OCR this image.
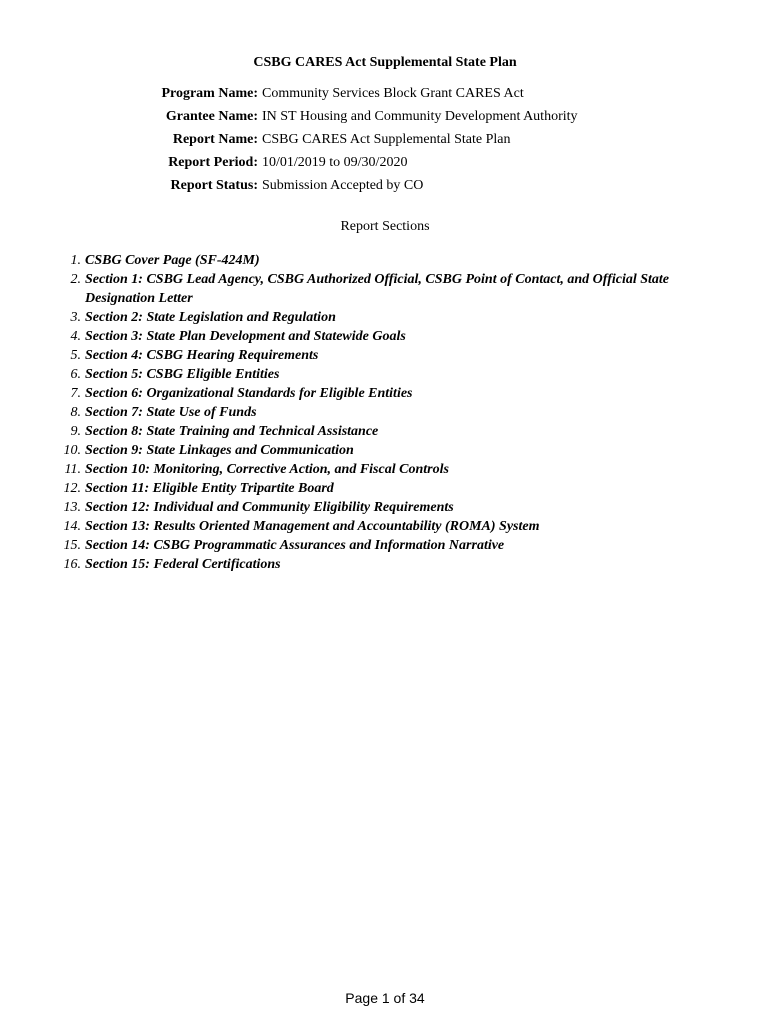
CSBG CARES Act Supplemental State Plan
Program Name: Community Services Block Grant CARES Act
Grantee Name: IN ST Housing and Community Development Authority
Report Name: CSBG CARES Act Supplemental State Plan
Report Period: 10/01/2019 to 09/30/2020
Report Status: Submission Accepted by CO
Report Sections
1. CSBG Cover Page (SF-424M)
2. Section 1: CSBG Lead Agency, CSBG Authorized Official, CSBG Point of Contact, and Official State Designation Letter
3. Section 2: State Legislation and Regulation
4. Section 3: State Plan Development and Statewide Goals
5. Section 4: CSBG Hearing Requirements
6. Section 5: CSBG Eligible Entities
7. Section 6: Organizational Standards for Eligible Entities
8. Section 7: State Use of Funds
9. Section 8: State Training and Technical Assistance
10. Section 9: State Linkages and Communication
11. Section 10: Monitoring, Corrective Action, and Fiscal Controls
12. Section 11: Eligible Entity Tripartite Board
13. Section 12: Individual and Community Eligibility Requirements
14. Section 13: Results Oriented Management and Accountability (ROMA) System
15. Section 14: CSBG Programmatic Assurances and Information Narrative
16. Section 15: Federal Certifications
Page 1 of 34
